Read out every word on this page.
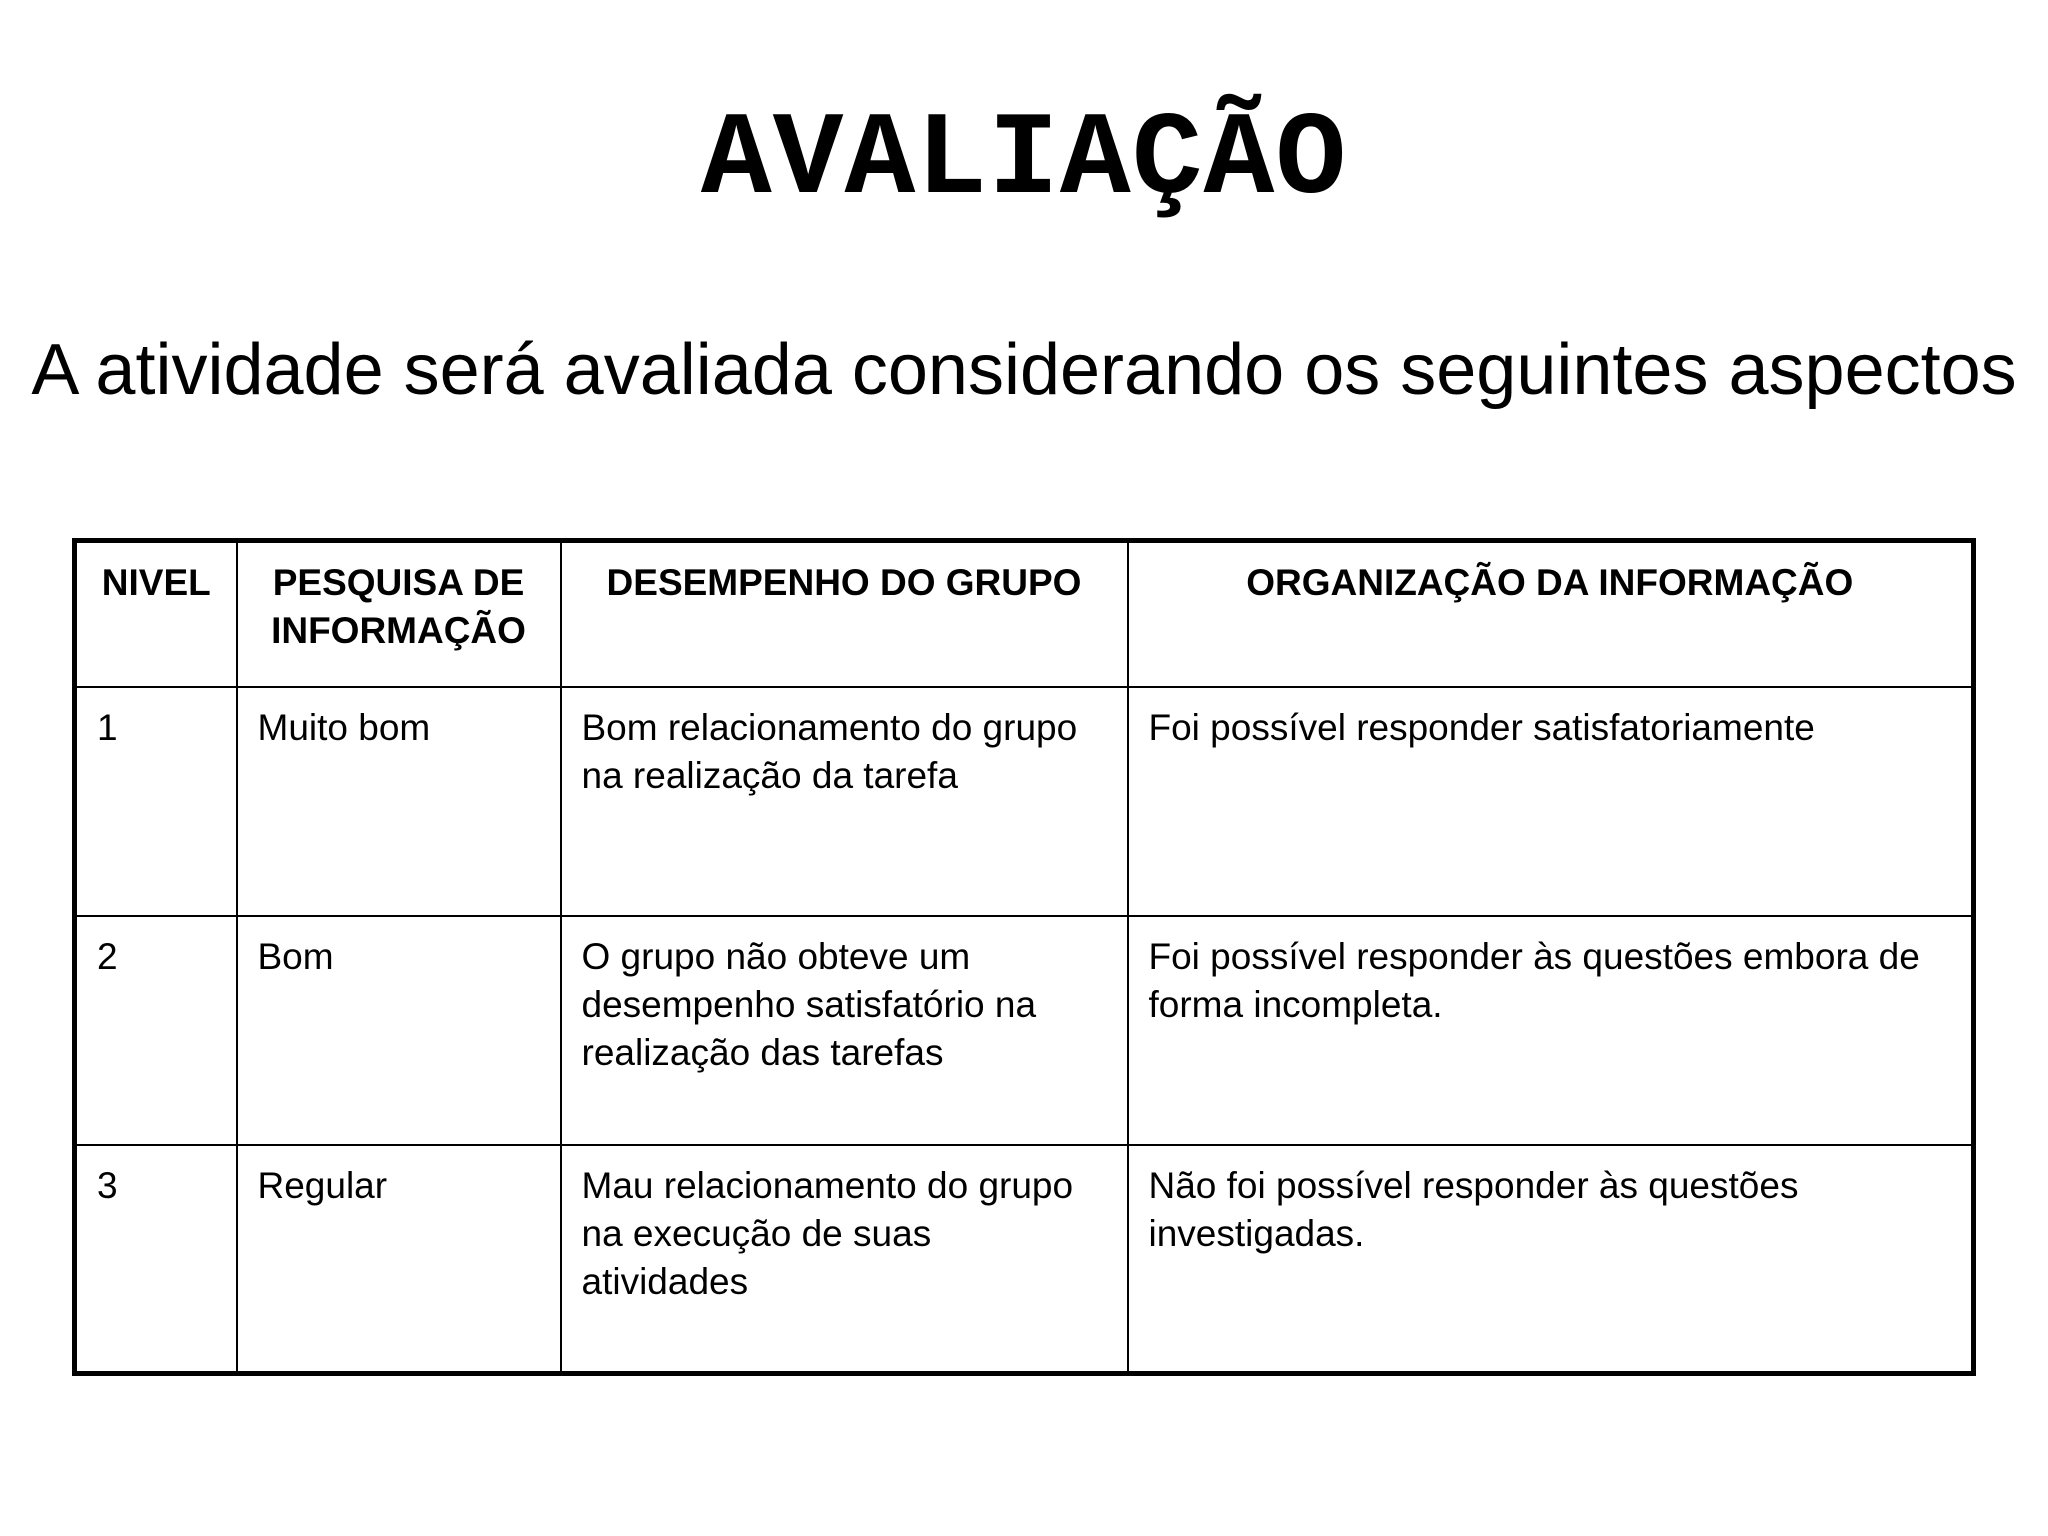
AVALIAÇÃO

A atividade será avaliada considerando os seguintes aspectos

NIVEL	PESQUISA DE INFORMAÇÃO	DESEMPENHO DO GRUPO	ORGANIZAÇÃO DA INFORMAÇÃO
1	Muito bom	Bom relacionamento do grupo na realização da tarefa	Foi possível responder satisfatoriamente
2	Bom	O grupo não obteve um desempenho satisfatório na realização das tarefas	Foi possível responder às questões embora de forma incompleta.
3	Regular	Mau relacionamento do grupo na execução de suas atividades	Não foi possível responder às questões investigadas.
